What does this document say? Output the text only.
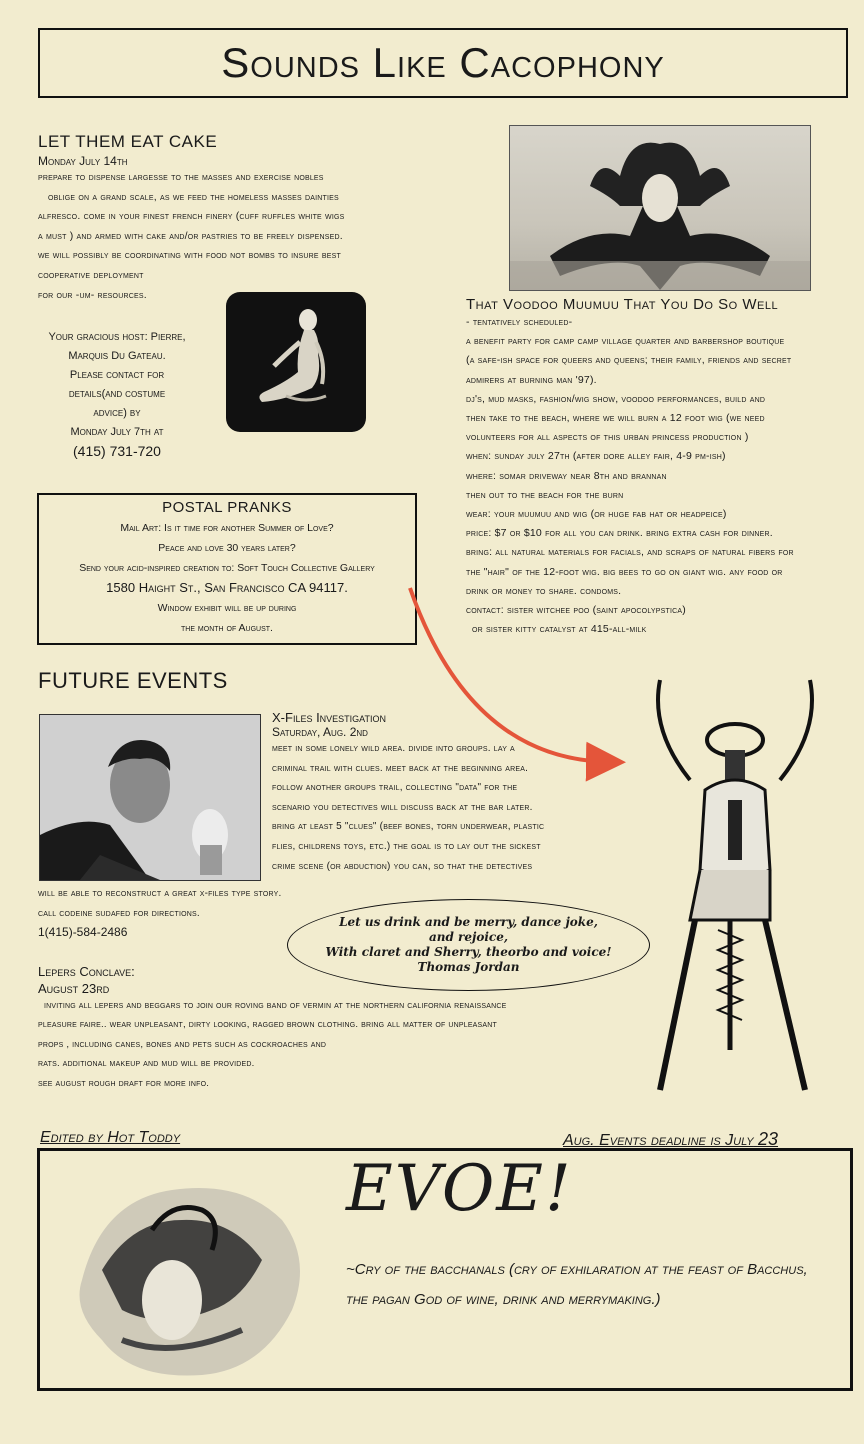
Sounds Like Cacophony
LET THEM EAT CAKE
Monday July 14th
prepare to dispense largesse to the masses and exercise nobles
oblige on a grand scale, as we feed the homeless masses dainties
alfresco. come in your finest french finery (cuff ruffles white wigs
a must ) and armed with cake and/or pastries to be freely dispensed.
we will possibly be coordinating with food not bombs to insure best
cooperative deployment
for our -um- resources.
Your gracious host: Pierre,
Marquis Du Gateau.
Please contact for
details(and costume
advice) by
Monday July 7th at
(415) 731-720
POSTAL PRANKS
Mail Art: Is it time for another Summer of Love?
Peace and love 30 years later?
Send your acid-inspired creation to: Soft Touch Collective Gallery
1580 Haight St., San Francisco CA 94117.
Window exhibit will be up during
the month of August.
That Voodoo Muumuu That You Do So Well
- tentatively scheduled-
a benefit party for camp camp village quarter and barbershop boutique
(a safe-ish space for queers and queens; their family, friends and secret
admirers at burning man '97).
dj's, mud masks, fashion/wig show, voodoo performances, build and
then take to the beach, where we will burn a 12 foot wig (we need
volunteers for all aspects of this urban princess production )
when: sunday july 27th (after dore alley fair, 4-9 pm-ish)
where: somar driveway near 8th and brannan
then out to the beach for the burn
wear: your muumuu and wig (or huge fab hat or headpeice)
price: $7 or $10 for all you can drink. bring extra cash for dinner.
bring: all natural materials for facials, and scraps of natural fibers for
the "hair" of the 12-foot wig. big bees to go on giant wig. any food or
drink or money to share. condoms.
contact: sister witchee poo (saint apocolypstica)
or sister kitty catalyst at 415-all-milk
FUTURE EVENTS
X-Files Investigation
Saturday, Aug. 2nd
meet in some lonely wild area. divide into groups. lay a
criminal trail with clues. meet back at the beginning area.
follow another groups trail, collecting "data" for the
scenario you detectives will discuss back at the bar later.
bring at least 5 "clues" (beef bones, torn underwear, plastic
flies, childrens toys, etc.) the goal is to lay out the sickest
crime scene (or abduction) you can, so that the detectives
will be able to reconstruct a great x-files type story.
call codeine sudafed for directions.
1(415)-584-2486
Let us drink and be merry, dance joke,
and rejoice,
With claret and Sherry, theorbo and voice!
Thomas Jordan
Lepers Conclave:
August 23rd
inviting all lepers and beggars to join our roving band of vermin at the northern california renaissance
pleasure faire.. wear unpleasant, dirty looking, ragged brown clothing. bring all matter of unpleasant
props , including canes, bones and pets such as cockroaches and
rats. additional makeup and mud will be provided.
see august rough draft for more info.
Edited by Hot Toddy	Aug. Events deadline is July 23
EVOE!
~Cry of the bacchanals (cry of exhilaration at the feast of Bacchus, the pagan God of wine, drink and merrymaking.)
